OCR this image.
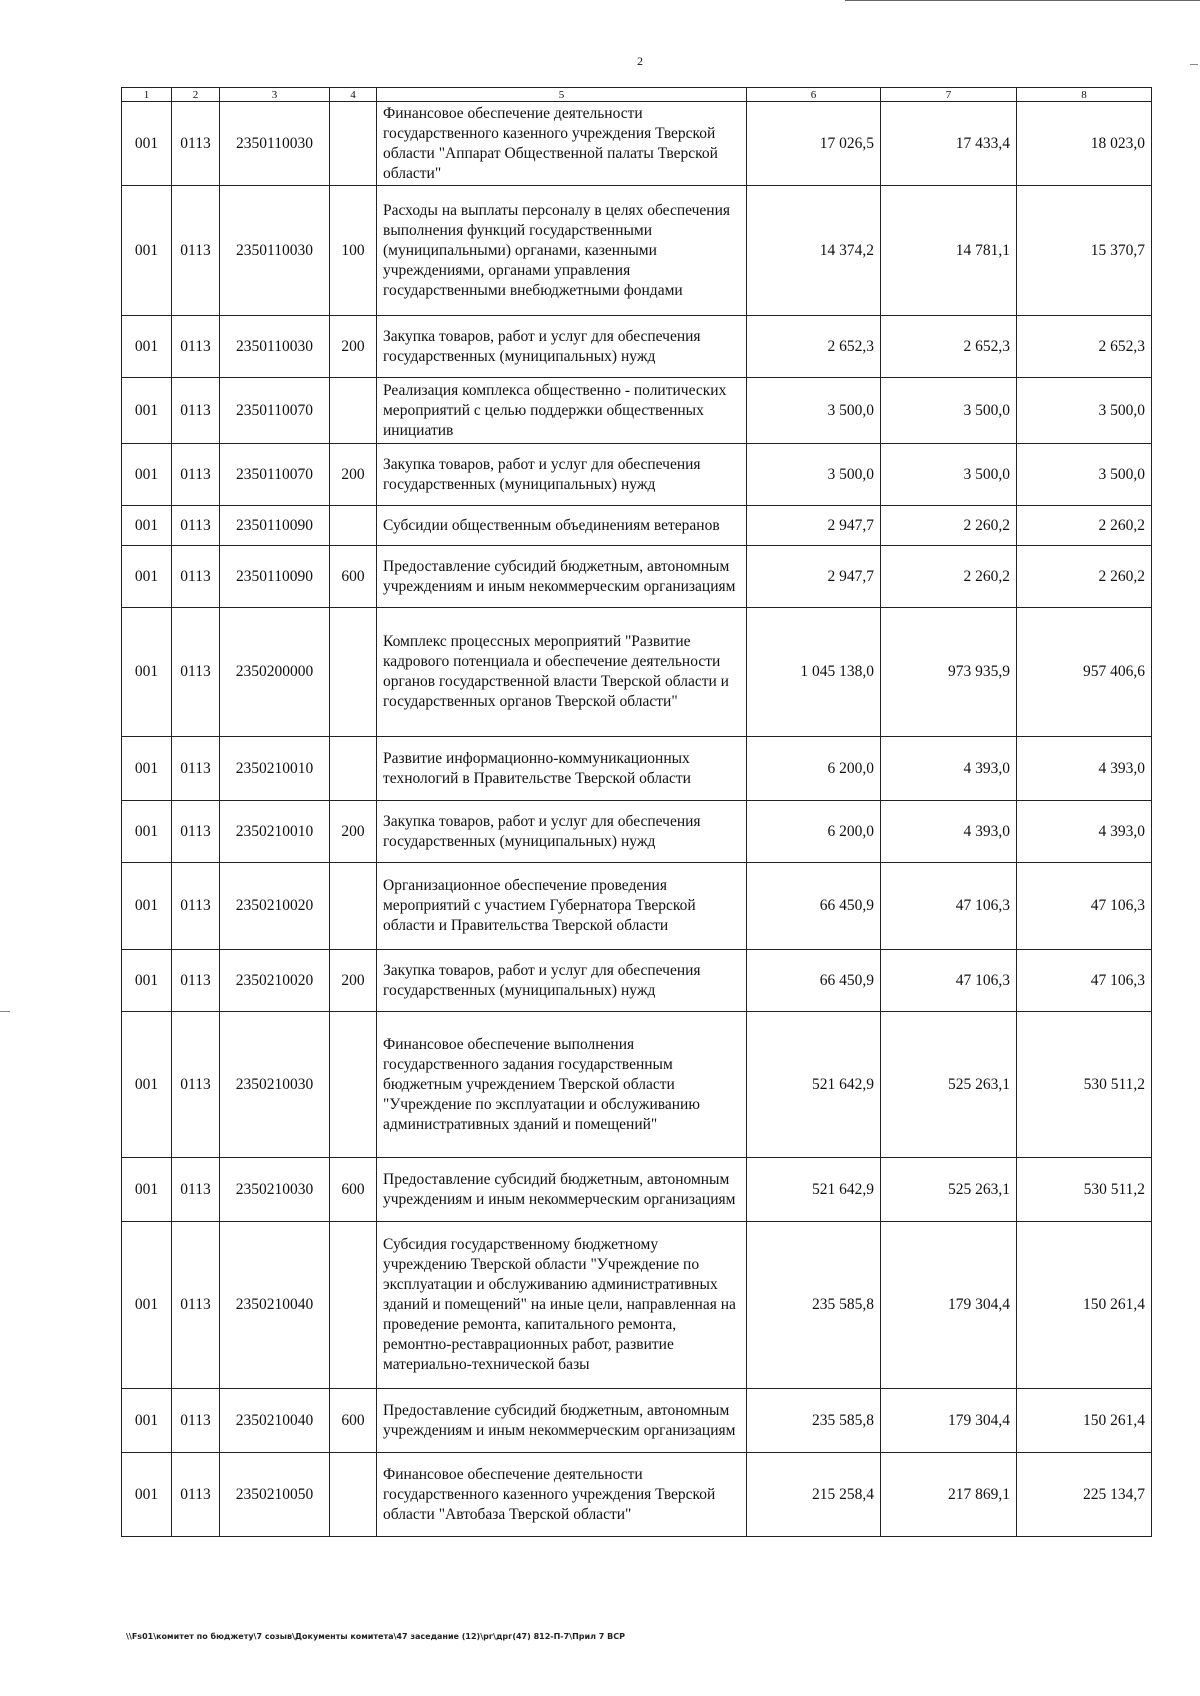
2
1	2	3	4	5	6	7	8
001	0113	2350110030		Финансовое обеспечение деятельности государственного казенного учреждения Тверской области "Аппарат Общественной палаты Тверской области"	17 026,5	17 433,4	18 023,0
001	0113	2350110030	100	Расходы на выплаты персоналу в целях обеспечения выполнения функций государственными (муниципальными) органами, казенными учреждениями, органами управления государственными внебюджетными фондами	14 374,2	14 781,1	15 370,7
001	0113	2350110030	200	Закупка товаров, работ и услуг для обеспечения государственных (муниципальных) нужд	2 652,3	2 652,3	2 652,3
001	0113	2350110070		Реализация комплекса общественно - политических мероприятий с целью поддержки общественных инициатив	3 500,0	3 500,0	3 500,0
001	0113	2350110070	200	Закупка товаров, работ и услуг для обеспечения государственных (муниципальных) нужд	3 500,0	3 500,0	3 500,0
001	0113	2350110090		Субсидии общественным объединениям ветеранов	2 947,7	2 260,2	2 260,2
001	0113	2350110090	600	Предоставление субсидий бюджетным, автономным учреждениям и иным некоммерческим организациям	2 947,7	2 260,2	2 260,2
001	0113	2350200000		Комплекс процессных мероприятий "Развитие кадрового потенциала и обеспечение деятельности органов государственной власти Тверской области и государственных органов Тверской области"	1 045 138,0	973 935,9	957 406,6
001	0113	2350210010		Развитие информационно-коммуникационных технологий в Правительстве Тверской области	6 200,0	4 393,0	4 393,0
001	0113	2350210010	200	Закупка товаров, работ и услуг для обеспечения государственных (муниципальных) нужд	6 200,0	4 393,0	4 393,0
001	0113	2350210020		Организационное обеспечение проведения мероприятий с участием Губернатора Тверской области и Правительства Тверской области	66 450,9	47 106,3	47 106,3
001	0113	2350210020	200	Закупка товаров, работ и услуг для обеспечения государственных (муниципальных) нужд	66 450,9	47 106,3	47 106,3
001	0113	2350210030		Финансовое обеспечение выполнения государственного задания государственным бюджетным учреждением Тверской области "Учреждение по эксплуатации и обслуживанию административных зданий и помещений"	521 642,9	525 263,1	530 511,2
001	0113	2350210030	600	Предоставление субсидий бюджетным, автономным учреждениям и иным некоммерческим организациям	521 642,9	525 263,1	530 511,2
001	0113	2350210040		Субсидия государственному бюджетному учреждению Тверской области "Учреждение по эксплуатации и обслуживанию административных зданий и помещений" на иные цели, направленная на проведение ремонта, капитального ремонта, ремонтно-реставрационных работ, развитие материально-технической базы	235 585,8	179 304,4	150 261,4
001	0113	2350210040	600	Предоставление субсидий бюджетным, автономным учреждениям и иным некоммерческим организациям	235 585,8	179 304,4	150 261,4
001	0113	2350210050		Финансовое обеспечение деятельности государственного казенного учреждения Тверской области "Автобаза Тверской области"	215 258,4	217 869,1	225 134,7
\\Fs01\комитет по бюджету\7 созыв\Документы комитета\47 заседание (12)\рг\дрг(47) 812-П-7\Прил 7 ВСР
